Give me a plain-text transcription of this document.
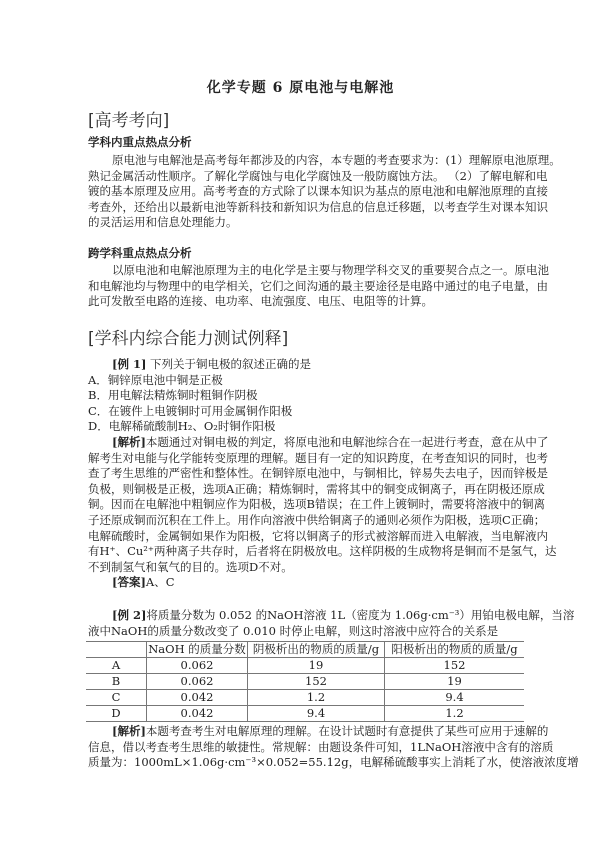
化学专题 6 原电池与电解池
[高考考向]
学科内重点热点分析
原电池与电解池是高考每年都涉及的内容，本专题的考查要求为：(1）理解原电池原理。
熟记金属活动性顺序。了解化学腐蚀与电化学腐蚀及一般防腐蚀方法。 （2）了解电解和电
镀的基本原理及应用。高考考查的方式除了以课本知识为基点的原电池和电解池原理的直接
考查外，还给出以最新电池等新科技和新知识为信息的信息迁移题，以考查学生对课本知识
的灵活运用和信息处理能力。
跨学科重点热点分析
以原电池和电解池原理为主的电化学是主要与物理学科交叉的重要契合点之一。原电池
和电解池均与物理中的电学相关，它们之间沟通的最主要途径是电路中通过的电子电量，由
此可发散至电路的连接、电功率、电流强度、电压、电阻等的计算。
[学科内综合能力测试例释]
[例 1] 下列关于铜电极的叙述正确的是
A．铜锌原电池中铜是正极
B．用电解法精炼铜时粗铜作阴极
C．在镀件上电镀铜时可用金属铜作阳极
D．电解稀硫酸制H₂、O₂时铜作阳极
[解析]本题通过对铜电极的判定，将原电池和电解池综合在一起进行考查，意在从中了
解考生对电能与化学能转变原理的理解。题目有一定的知识跨度，在考查知识的同时，也考
查了考生思维的严密性和整体性。在铜锌原电池中，与铜相比，锌易失去电子，因而锌极是
负极，则铜极是正极，选项A正确；精炼铜时，需将其中的铜变成铜离子，再在阴极还原成
铜。因而在电解池中粗铜应作为阳极，选项B错误；在工件上镀铜时，需要将溶液中的铜离
子还原成铜而沉积在工件上。用作向溶液中供给铜离子的通则必须作为阳极，选项C正确；
电解硫酸时，金属铜如果作为阳极，它将以铜离子的形式被溶解而进入电解液，当电解液内
有H⁺、Cu²⁺两种离子共存时，后者将在阴极放电。这样阴极的生成物将是铜而不是氢气，达
不到制氢气和氧气的目的。选项D不对。
[答案]A、C
[例 2]将质量分数为 0.052 的NaOH溶液 1L（密度为 1.06g·cm⁻³）用铂电极电解，当溶
液中NaOH的质量分数改变了 0.010 时停止电解，则这时溶液中应符合的关系是
	NaOH 的质量分数	阴极析出的物质的质量/g	阳极析出的物质的质量/g
A	0.062	19	152
B	0.062	152	19
C	0.042	1.2	9.4
D	0.042	9.4	1.2
[解析]本题考查考生对电解原理的理解。在设计试题时有意提供了某些可应用于速解的
信息，借以考查考生思维的敏捷性。常规解：由题设条件可知，1LNaOH溶液中含有的溶质
质量为：1000mL×1.06g·cm⁻³×0.052=55.12g，电解稀硫酸事实上消耗了水，使溶液浓度增
